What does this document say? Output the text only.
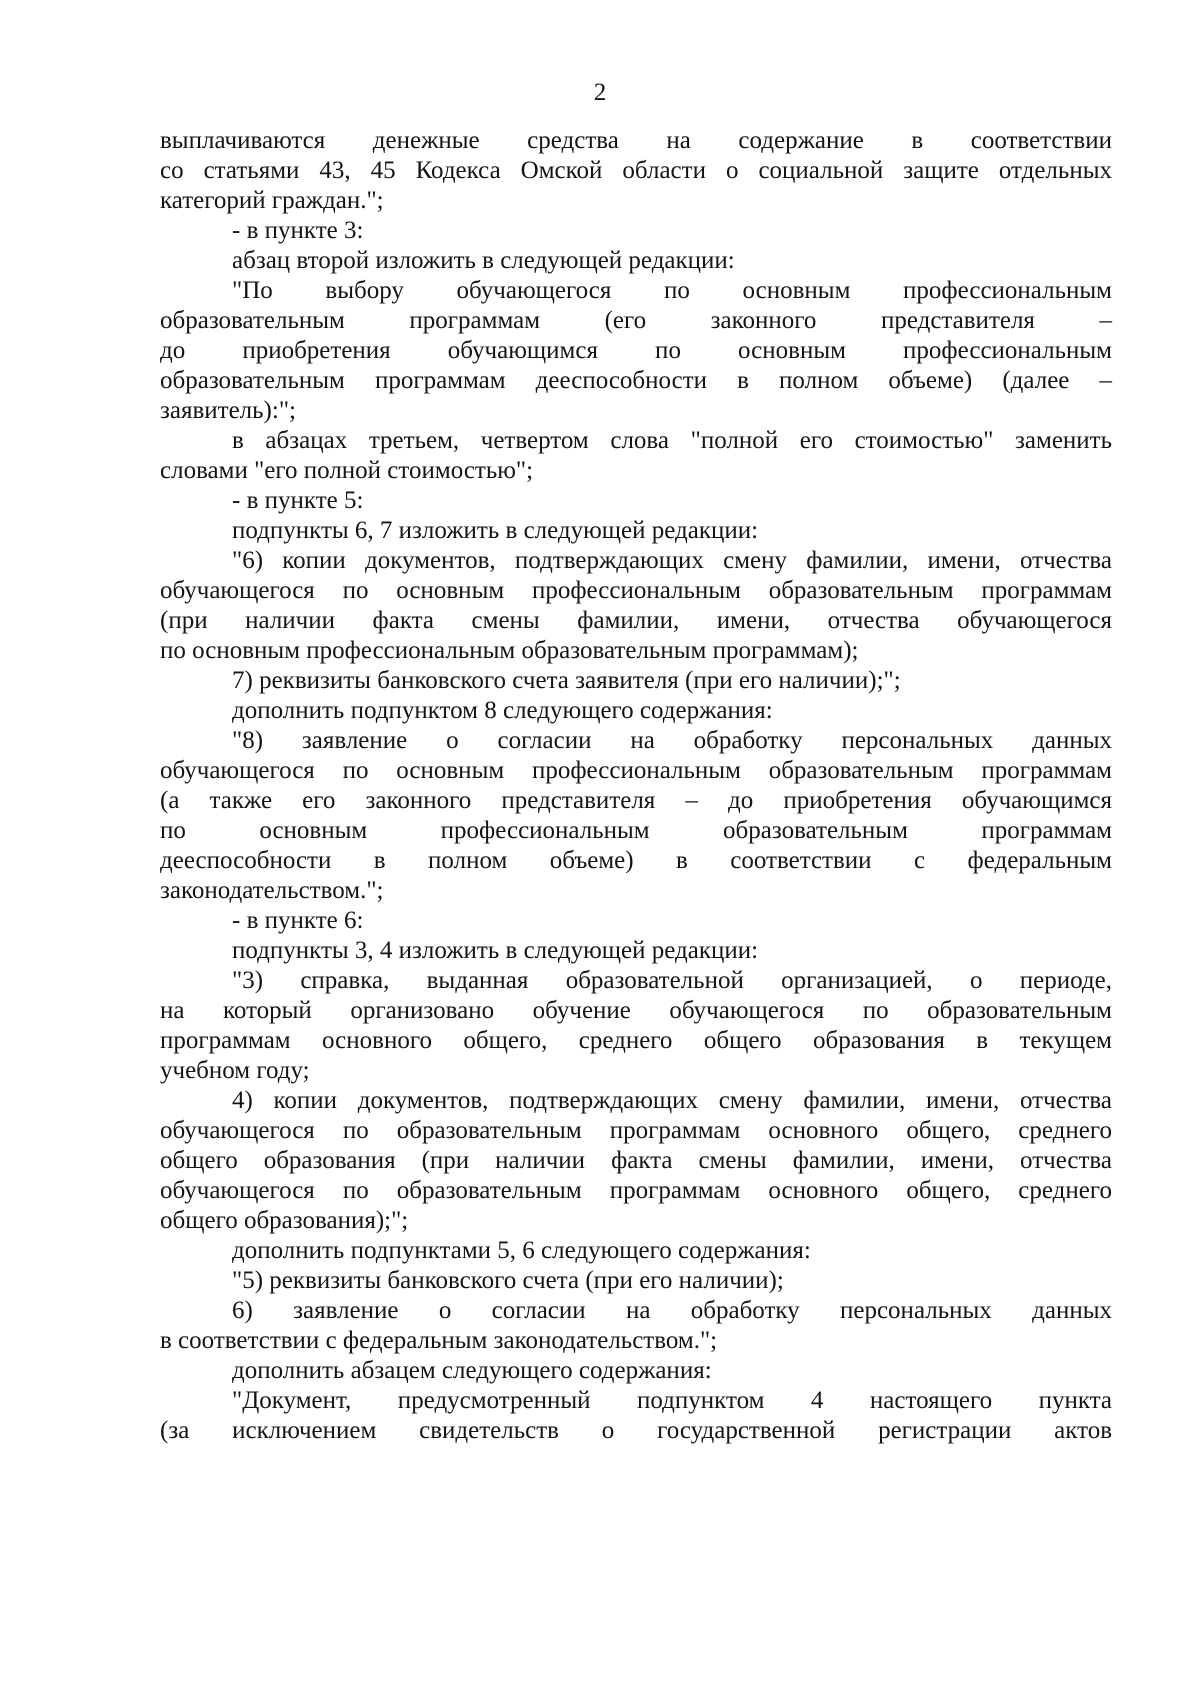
2
выплачиваются денежные средства на содержание в соответствии
со статьями 43, 45 Кодекса Омской области о социальной защите отдельных
категорий граждан.";
- в пункте 3:
абзац второй изложить в следующей редакции:
"По выбору обучающегося по основным профессиональным
образовательным программам (его законного представителя –
до приобретения обучающимся по основным профессиональным
образовательным программам дееспособности в полном объеме) (далее –
заявитель):";
в абзацах третьем, четвертом слова "полной его стоимостью" заменить
словами "его полной стоимостью";
- в пункте 5:
подпункты 6, 7 изложить в следующей редакции:
"6) копии документов, подтверждающих смену фамилии, имени, отчества
обучающегося по основным профессиональным образовательным программам
(при наличии факта смены фамилии, имени, отчества обучающегося
по основным профессиональным образовательным программам);
7) реквизиты банковского счета заявителя (при его наличии);";
дополнить подпунктом 8 следующего содержания:
"8) заявление о согласии на обработку персональных данных
обучающегося по основным профессиональным образовательным программам
(а также его законного представителя – до приобретения обучающимся
по основным профессиональным образовательным программам
дееспособности в полном объеме) в соответствии с федеральным
законодательством.";
- в пункте 6:
подпункты 3, 4 изложить в следующей редакции:
"3) справка, выданная образовательной организацией, о периоде,
на который организовано обучение обучающегося по образовательным
программам основного общего, среднего общего образования в текущем
учебном году;
4) копии документов, подтверждающих смену фамилии, имени, отчества
обучающегося по образовательным программам основного общего, среднего
общего образования (при наличии факта смены фамилии, имени, отчества
обучающегося по образовательным программам основного общего, среднего
общего образования);";
дополнить подпунктами 5, 6 следующего содержания:
"5) реквизиты банковского счета (при его наличии);
6) заявление о согласии на обработку персональных данных
в соответствии с федеральным законодательством.";
дополнить абзацем следующего содержания:
"Документ, предусмотренный подпунктом 4 настоящего пункта
(за исключением свидетельств о государственной регистрации актов
